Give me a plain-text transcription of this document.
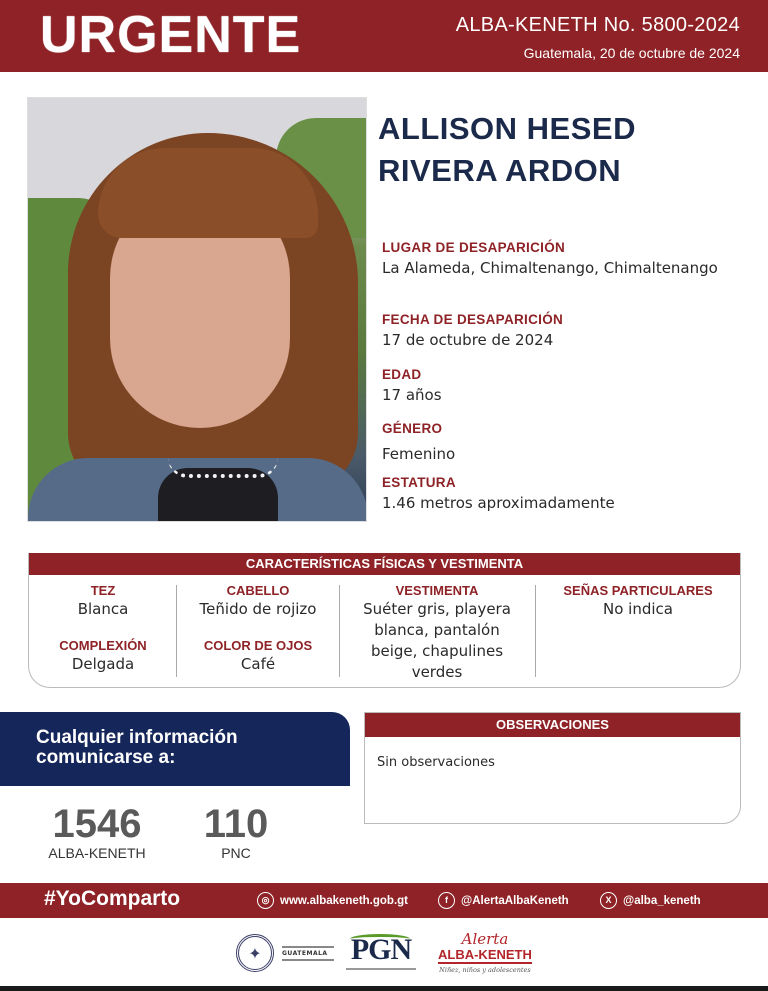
URGENTE	ALBA-KENETH No. 5800-2024
Guatemala, 20 de octubre de 2024
ALLISON HESED
RIVERA ARDON
LUGAR DE DESAPARICIÓN
La Alameda, Chimaltenango, Chimaltenango
FECHA DE DESAPARICIÓN
17 de octubre de 2024
EDAD
17 años
GÉNERO
Femenino
ESTATURA
1.46 metros aproximadamente
CARACTERÍSTICAS FÍSICAS Y VESTIMENTA
TEZ
Blanca
COMPLEXIÓN
Delgada
CABELLO
Teñido de rojizo
COLOR DE OJOS
Café
VESTIMENTA
Suéter gris, playera
blanca, pantalón
beige, chapulines
verdes
SEÑAS PARTICULARES
No indica
Cualquier información
comunicarse a:
1546
ALBA-KENETH
110
PNC
OBSERVACIONES
Sin observaciones
#YoComparto	◎ www.albakeneth.gob.gt	f	@AlertaAlbaKeneth	X	@alba_keneth
✦	GUATEMALA PGN	Alerta
ALBA-KENETH
Niñez, niños y adolescentes
